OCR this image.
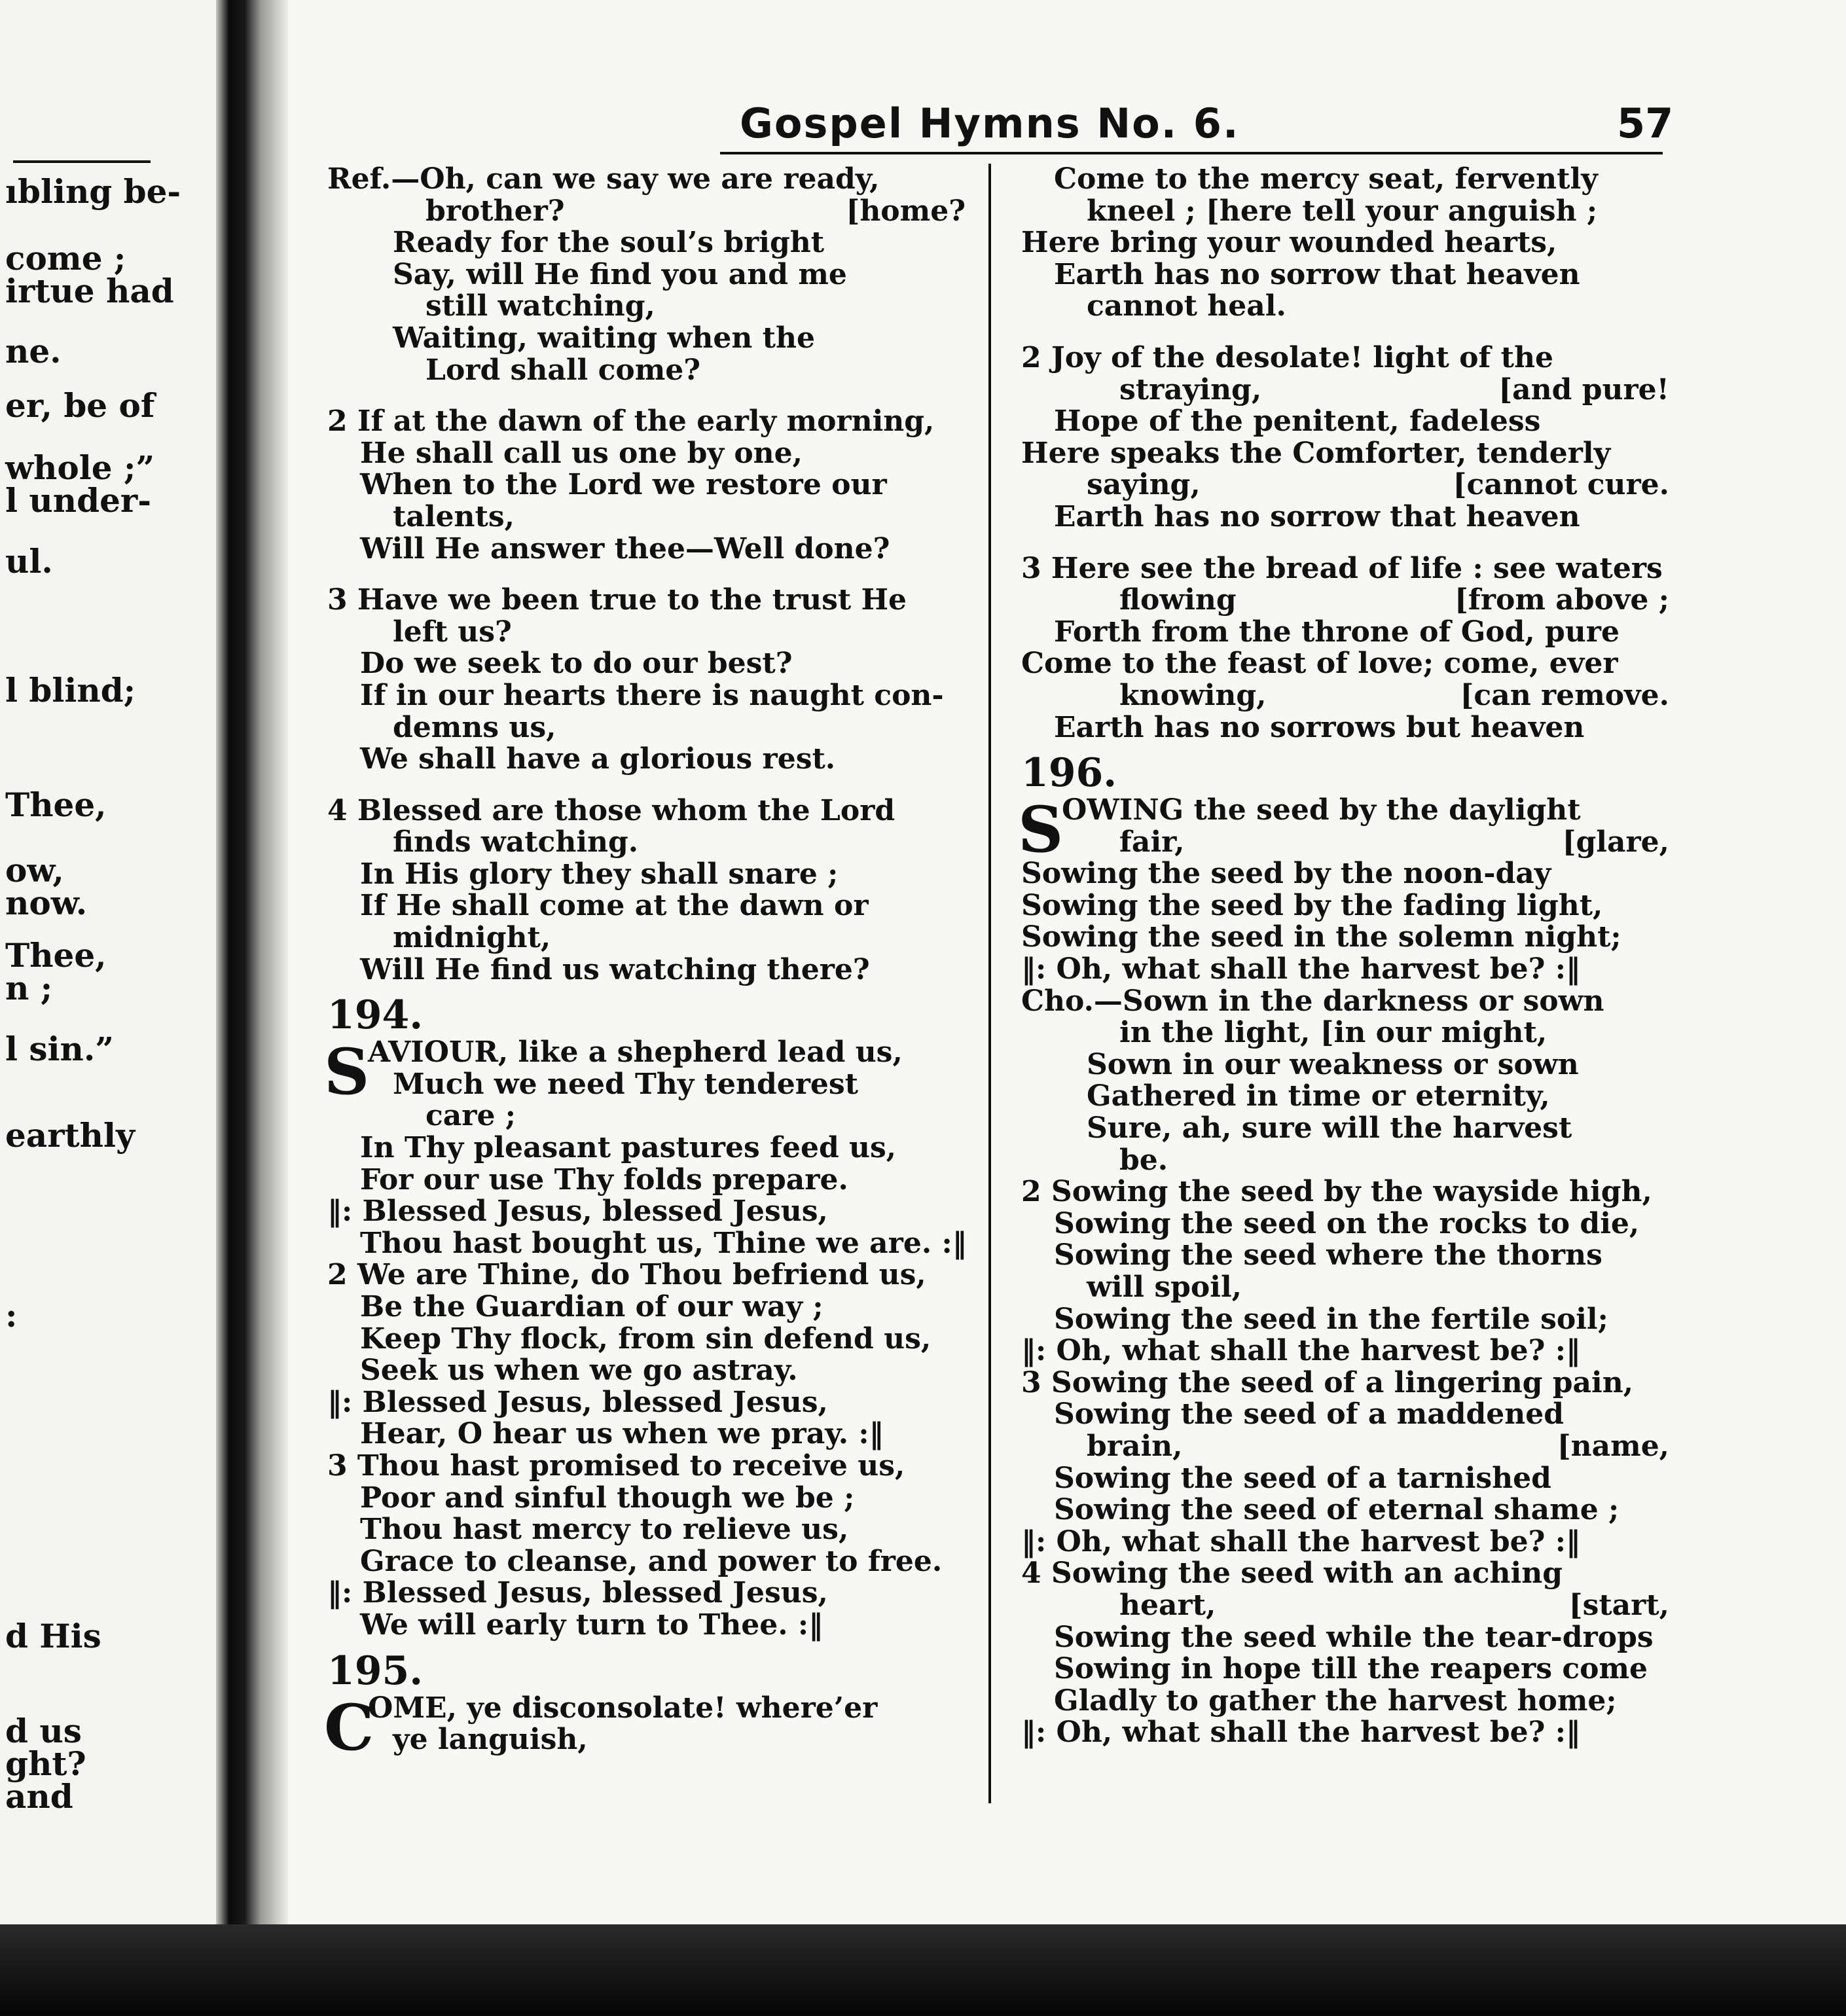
ıbling be-
come ;
irtue had
ne.
er, be of
whole ;”
l under-
ul.
l blind;
Thee,
ow,
now.
Thee,
n ;
l sin.”
earthly
:
d His
d us
ght?
and
Gospel Hymns No. 6.	57
Ref.—Oh, can we say we are ready,
brother?	[home?
Ready for the soul’s bright
Say, will He find you and me
still watching,
Waiting, waiting when the
Lord shall come?
2 If at the dawn of the early morning,
He shall call us one by one,
When to the Lord we restore our
talents,
Will He answer thee—Well done?
3 Have we been true to the trust He
left us?
Do we seek to do our best?
If in our hearts there is naught con-
demns us,
We shall have a glorious rest.
4 Blessed are those whom the Lord
finds watching.
In His glory they shall snare ;
If He shall come at the dawn or
midnight,
Will He find us watching there?
194.
S
AVIOUR, like a shepherd lead us,
Much we need Thy tenderest
care ;
In Thy pleasant pastures feed us,
For our use Thy folds prepare.
‖: Blessed Jesus, blessed Jesus,
Thou hast bought us, Thine we are. :‖
2 We are Thine, do Thou befriend us,
Be the Guardian of our way ;
Keep Thy flock, from sin defend us,
Seek us when we go astray.
‖: Blessed Jesus, blessed Jesus,
Hear, O hear us when we pray. :‖
3 Thou hast promised to receive us,
Poor and sinful though we be ;
Thou hast mercy to relieve us,
Grace to cleanse, and power to free.
‖: Blessed Jesus, blessed Jesus,
We will early turn to Thee. :‖
195.
C
OME, ye disconsolate! where’er
ye languish,
Come to the mercy seat, fervently
kneel ; [here tell your anguish ;
Here bring your wounded hearts,
Earth has no sorrow that heaven
cannot heal.
2 Joy of the desolate! light of the
straying,	[and pure!
Hope of the penitent, fadeless
Here speaks the Comforter, tenderly
saying,	[cannot cure.
Earth has no sorrow that heaven
3 Here see the bread of life : see waters
flowing	[from above ;
Forth from the throne of God, pure
Come to the feast of love; come, ever
knowing,	[can remove.
Earth has no sorrows but heaven
196.
S
OWING the seed by the daylight
fair,	[glare,
Sowing the seed by the noon-day
Sowing the seed by the fading light,
Sowing the seed in the solemn night;
‖: Oh, what shall the harvest be? :‖
Cho.—Sown in the darkness or sown
in the light, [in our might,
Sown in our weakness or sown
Gathered in time or eternity,
Sure, ah, sure will the harvest
be.
2 Sowing the seed by the wayside high,
Sowing the seed on the rocks to die,
Sowing the seed where the thorns
will spoil,
Sowing the seed in the fertile soil;
‖: Oh, what shall the harvest be? :‖
3 Sowing the seed of a lingering pain,
Sowing the seed of a maddened
brain,	[name,
Sowing the seed of a tarnished
Sowing the seed of eternal shame ;
‖: Oh, what shall the harvest be? :‖
4 Sowing the seed with an aching
heart,	[start,
Sowing the seed while the tear-drops
Sowing in hope till the reapers come
Gladly to gather the harvest home;
‖: Oh, what shall the harvest be? :‖
